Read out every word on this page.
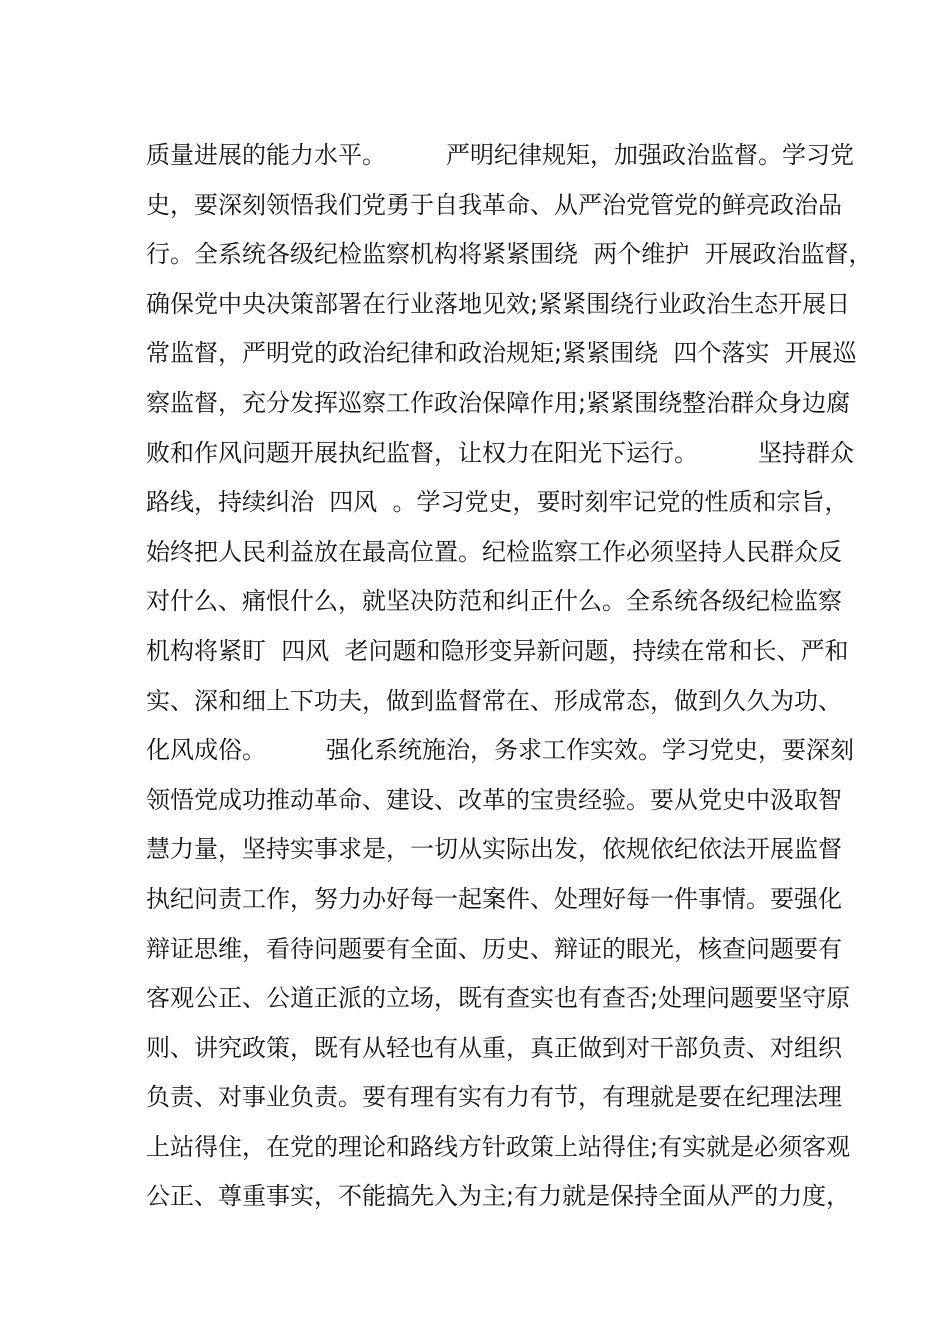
质量进展的能力水平。　　　严明纪律规矩，加强政治监督。学习党
史，要深刻领悟我们党勇于自我革命、从严治党管党的鲜亮政治品
行。全系统各级纪检监察机构将紧紧围绕  两个维护  开展政治监督，
确保党中央决策部署在行业落地见效;紧紧围绕行业政治生态开展日
常监督，严明党的政治纪律和政治规矩;紧紧围绕  四个落实  开展巡
察监督，充分发挥巡察工作政治保障作用;紧紧围绕整治群众身边腐
败和作风问题开展执纪监督，让权力在阳光下运行。　　　坚持群众
路线，持续纠治  四风  。学习党史，要时刻牢记党的性质和宗旨，
始终把人民利益放在最高位置。纪检监察工作必须坚持人民群众反
对什么、痛恨什么，就坚决防范和纠正什么。全系统各级纪检监察
机构将紧盯  四风  老问题和隐形变异新问题，持续在常和长、严和
实、深和细上下功夫，做到监督常在、形成常态，做到久久为功、
化风成俗。　　　强化系统施治，务求工作实效。学习党史，要深刻
领悟党成功推动革命、建设、改革的宝贵经验。要从党史中汲取智
慧力量，坚持实事求是，一切从实际出发，依规依纪依法开展监督
执纪问责工作，努力办好每一起案件、处理好每一件事情。要强化
辩证思维，看待问题要有全面、历史、辩证的眼光，核查问题要有
客观公正、公道正派的立场，既有查实也有查否;处理问题要坚守原
则、讲究政策，既有从轻也有从重，真正做到对干部负责、对组织
负责、对事业负责。要有理有实有力有节，有理就是要在纪理法理
上站得住，在党的理论和路线方针政策上站得住;有实就是必须客观
公正、尊重事实，不能搞先入为主;有力就是保持全面从严的力度，
